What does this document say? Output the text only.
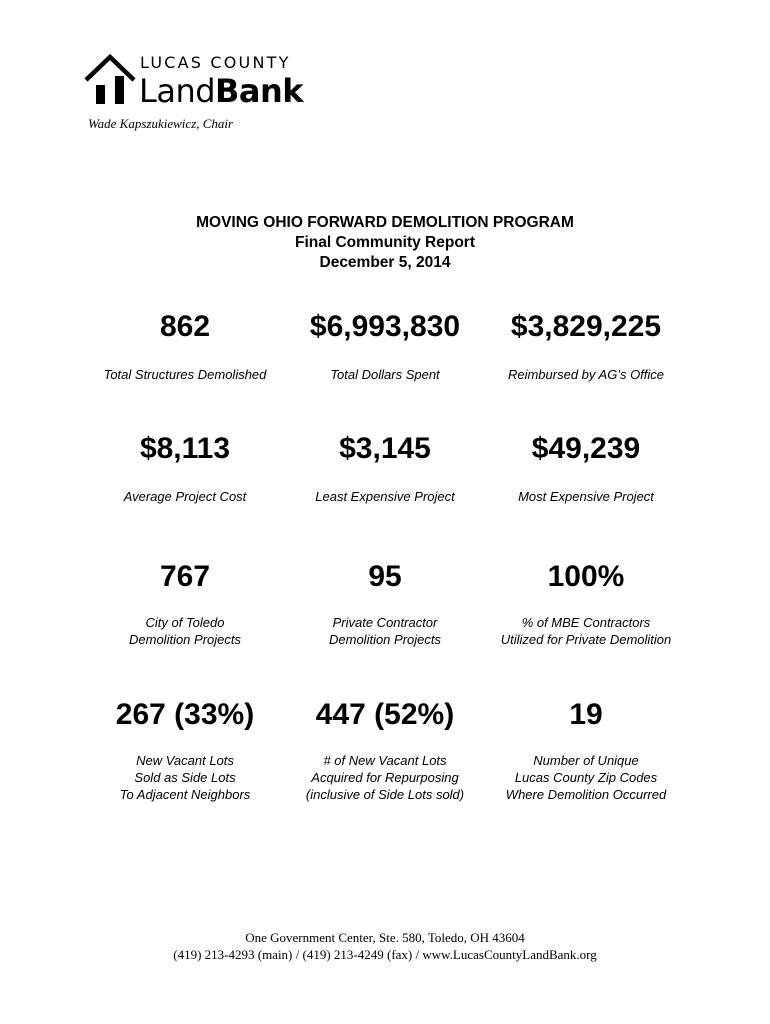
LUCAS COUNTY
LandBank
Wade Kapszukiewicz, Chair
MOVING OHIO FORWARD DEMOLITION PROGRAM
Final Community Report
December 5, 2014
862
Total Structures Demolished
$6,993,830
Total Dollars Spent
$3,829,225
Reimbursed by AG’s Office
$8,113
Average Project Cost
$3,145
Least Expensive Project
$49,239
Most Expensive Project
767
City of Toledo
Demolition Projects
95
Private Contractor
Demolition Projects
100%
% of MBE Contractors
Utilized for Private Demolition
267 (33%)
New Vacant Lots
Sold as Side Lots
To Adjacent Neighbors
447 (52%)
# of New Vacant Lots
Acquired for Repurposing
(inclusive of Side Lots sold)
19
Number of Unique
Lucas County Zip Codes
Where Demolition Occurred
One Government Center, Ste. 580, Toledo, OH 43604
(419) 213-4293 (main) / (419) 213-4249 (fax) / www.LucasCountyLandBank.org
